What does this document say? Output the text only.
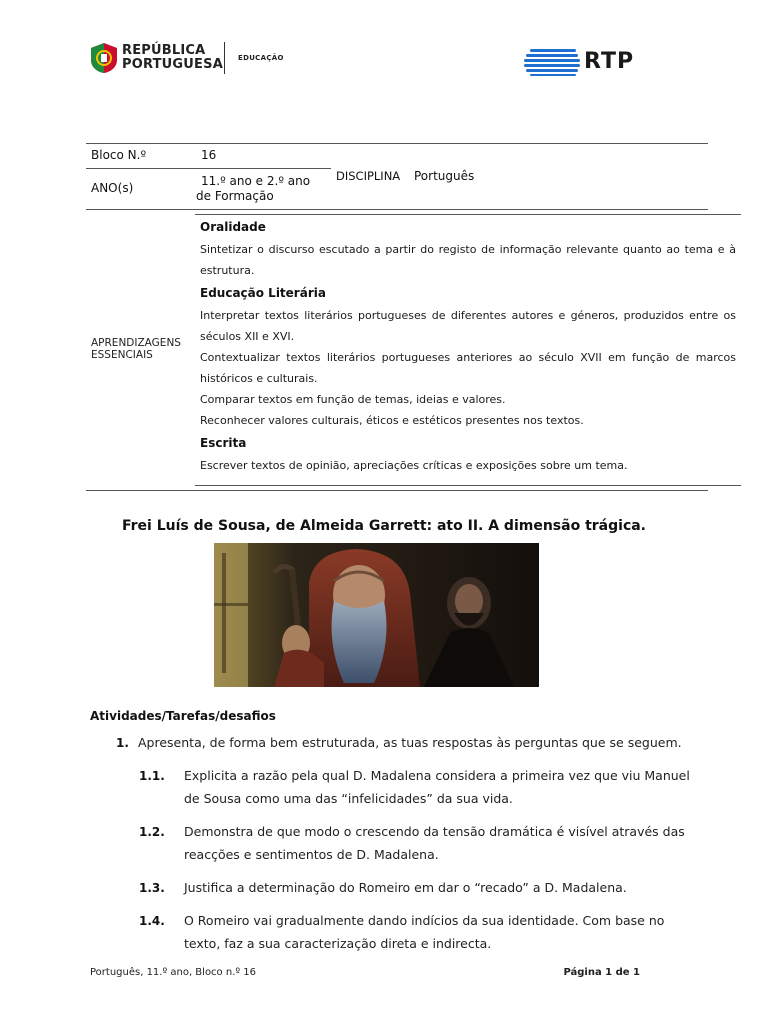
REPÚBLICA
PORTUGUESA EDUCAÇÃO	RTP
Bloco N.º	16
ANO(s)	11.º ano e 2.º ano
de Formação
DISCIPLINA Português
APRENDIZAGENS
ESSENCIAIS
Oralidade
Sintetizar o discurso escutado a partir do registo de informação relevante quanto ao tema e à estrutura.
Educação Literária
Interpretar textos literários portugueses de diferentes autores e géneros, produzidos entre os séculos XII e XVI.
Contextualizar textos literários portugueses anteriores ao século XVII em função de marcos históricos e culturais.
Comparar textos em função de temas, ideias e valores.
Reconhecer valores culturais, éticos e estéticos presentes nos textos.
Escrita
Escrever textos de opinião, apreciações críticas e exposições sobre um tema.
Frei Luís de Sousa, de Almeida Garrett: ato II. A dimensão trágica.
Atividades/Tarefas/desafios
1. Apresenta, de forma bem estruturada, as tuas respostas às perguntas que se seguem.
1.1. Explicita a razão pela qual D. Madalena considera a primeira vez que viu Manuel
de Sousa como uma das “infelicidades” da sua vida.
1.2. Demonstra de que modo o crescendo da tensão dramática é visível através das
reacções e sentimentos de D. Madalena.
1.3. Justifica a determinação do Romeiro em dar o “recado” a D. Madalena.
1.4. O Romeiro vai gradualmente dando indícios da sua identidade. Com base no
texto, faz a sua caracterização direta e indirecta.
Português, 11.º ano, Bloco n.º 16	Página 1 de 1
